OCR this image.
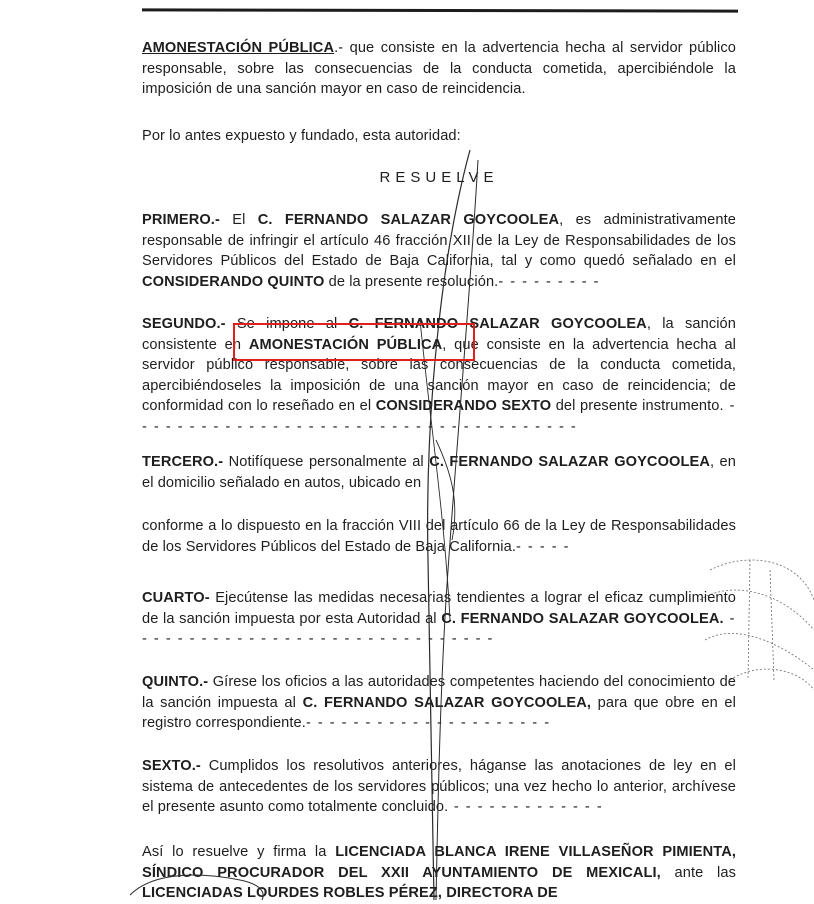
AMONESTACIÓN PÚBLICA.- que consiste en la advertencia hecha al servidor público responsable, sobre las consecuencias de la conducta cometida, apercibiéndole la imposición de una sanción mayor en caso de reincidencia.

Por lo antes expuesto y fundado, esta autoridad:

RESUELVE

PRIMERO.- El C. FERNANDO SALAZAR GOYCOOLEA, es administrativamente responsable de infringir el artículo 46 fracción XII de la Ley de Responsabilidades de los Servidores Públicos del Estado de Baja California, tal y como quedó señalado en el CONSIDERANDO QUINTO de la presente resolución.- - - - - - - - -

SEGUNDO.- Se impone al C. FERNANDO SALAZAR GOYCOOLEA, la sanción consistente en AMONESTACIÓN PÚBLICA, que consiste en la advertencia hecha al servidor público responsable, sobre las consecuencias de la conducta cometida, apercibiéndoseles la imposición de una sanción mayor en caso de reincidencia; de conformidad con lo reseñado en el CONSIDERANDO SEXTO del presente instrumento. - - - - - - - - - - - - - - - - - - - - - - - - - - - - - - - - - - - - - -

TERCERO.- Notifíquese personalmente al C. FERNANDO SALAZAR GOYCOOLEA, en el domicilio señalado en autos, ubicado en

conforme a lo dispuesto en la fracción VIII del artículo 66 de la Ley de Responsabilidades de los Servidores Públicos del Estado de Baja California.- - - - -

CUARTO- Ejecútense las medidas necesarias tendientes a lograr el eficaz cumplimiento de la sanción impuesta por esta Autoridad al C. FERNANDO SALAZAR GOYCOOLEA. - - - - - - - - - - - - - - - - - - - - - - - - - - - - - - -

QUINTO.- Gírese los oficios a las autoridades competentes haciendo del conocimiento de la sanción impuesta al C. FERNANDO SALAZAR GOYCOOLEA, para que obre en el registro correspondiente.- - - - - - - - - - - - - - - - - - - - -

SEXTO.- Cumplidos los resolutivos anteriores, háganse las anotaciones de ley en el sistema de antecedentes de los servidores públicos; una vez hecho lo anterior, archívese el presente asunto como totalmente concluido. - - - - - - - - - - - - -

Así lo resuelve y firma la LICENCIADA BLANCA IRENE VILLASEÑOR PIMIENTA, SÍNDICO PROCURADOR DEL XXII AYUNTAMIENTO DE MEXICALI, ante las LICENCIADAS LOURDES ROBLES PÉREZ, DIRECTORA DE
